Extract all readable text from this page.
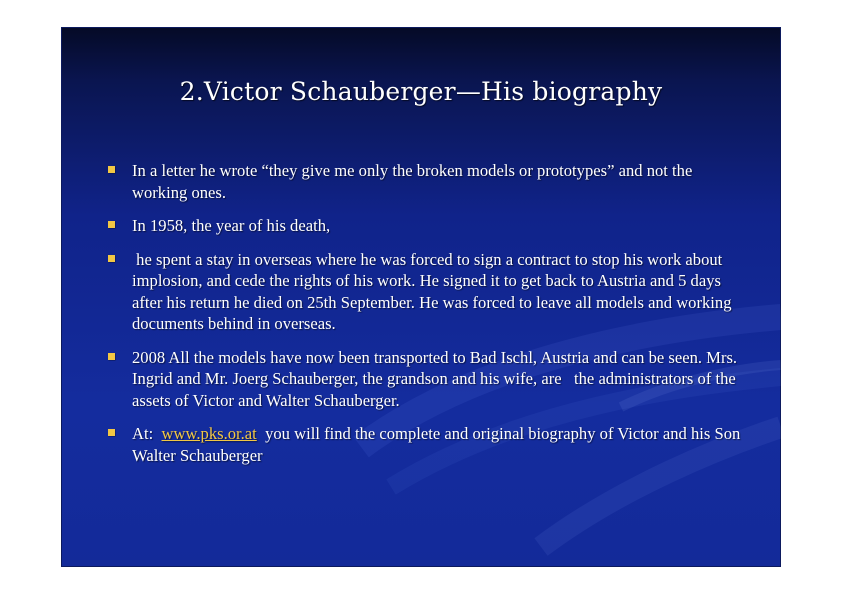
2.Victor Schauberger—His biography
In a letter he wrote “they give me only the broken models or prototypes” and not the working ones.
In 1958, the year of his death,
he spent a stay in overseas where he was forced to sign a contract to stop his work about implosion, and cede the rights of his work. He signed it to get back to Austria and 5 days after his return he died on 25th September. He was forced to leave all models and working documents behind in overseas.
2008 All the models have now been transported to Bad Ischl, Austria and can be seen. Mrs. Ingrid and Mr. Joerg Schauberger, the grandson and his wife, are   the administrators of the assets of Victor and Walter Schauberger.
At:  www.pks.or.at  you will find the complete and original biography of Victor and his Son Walter Schauberger
